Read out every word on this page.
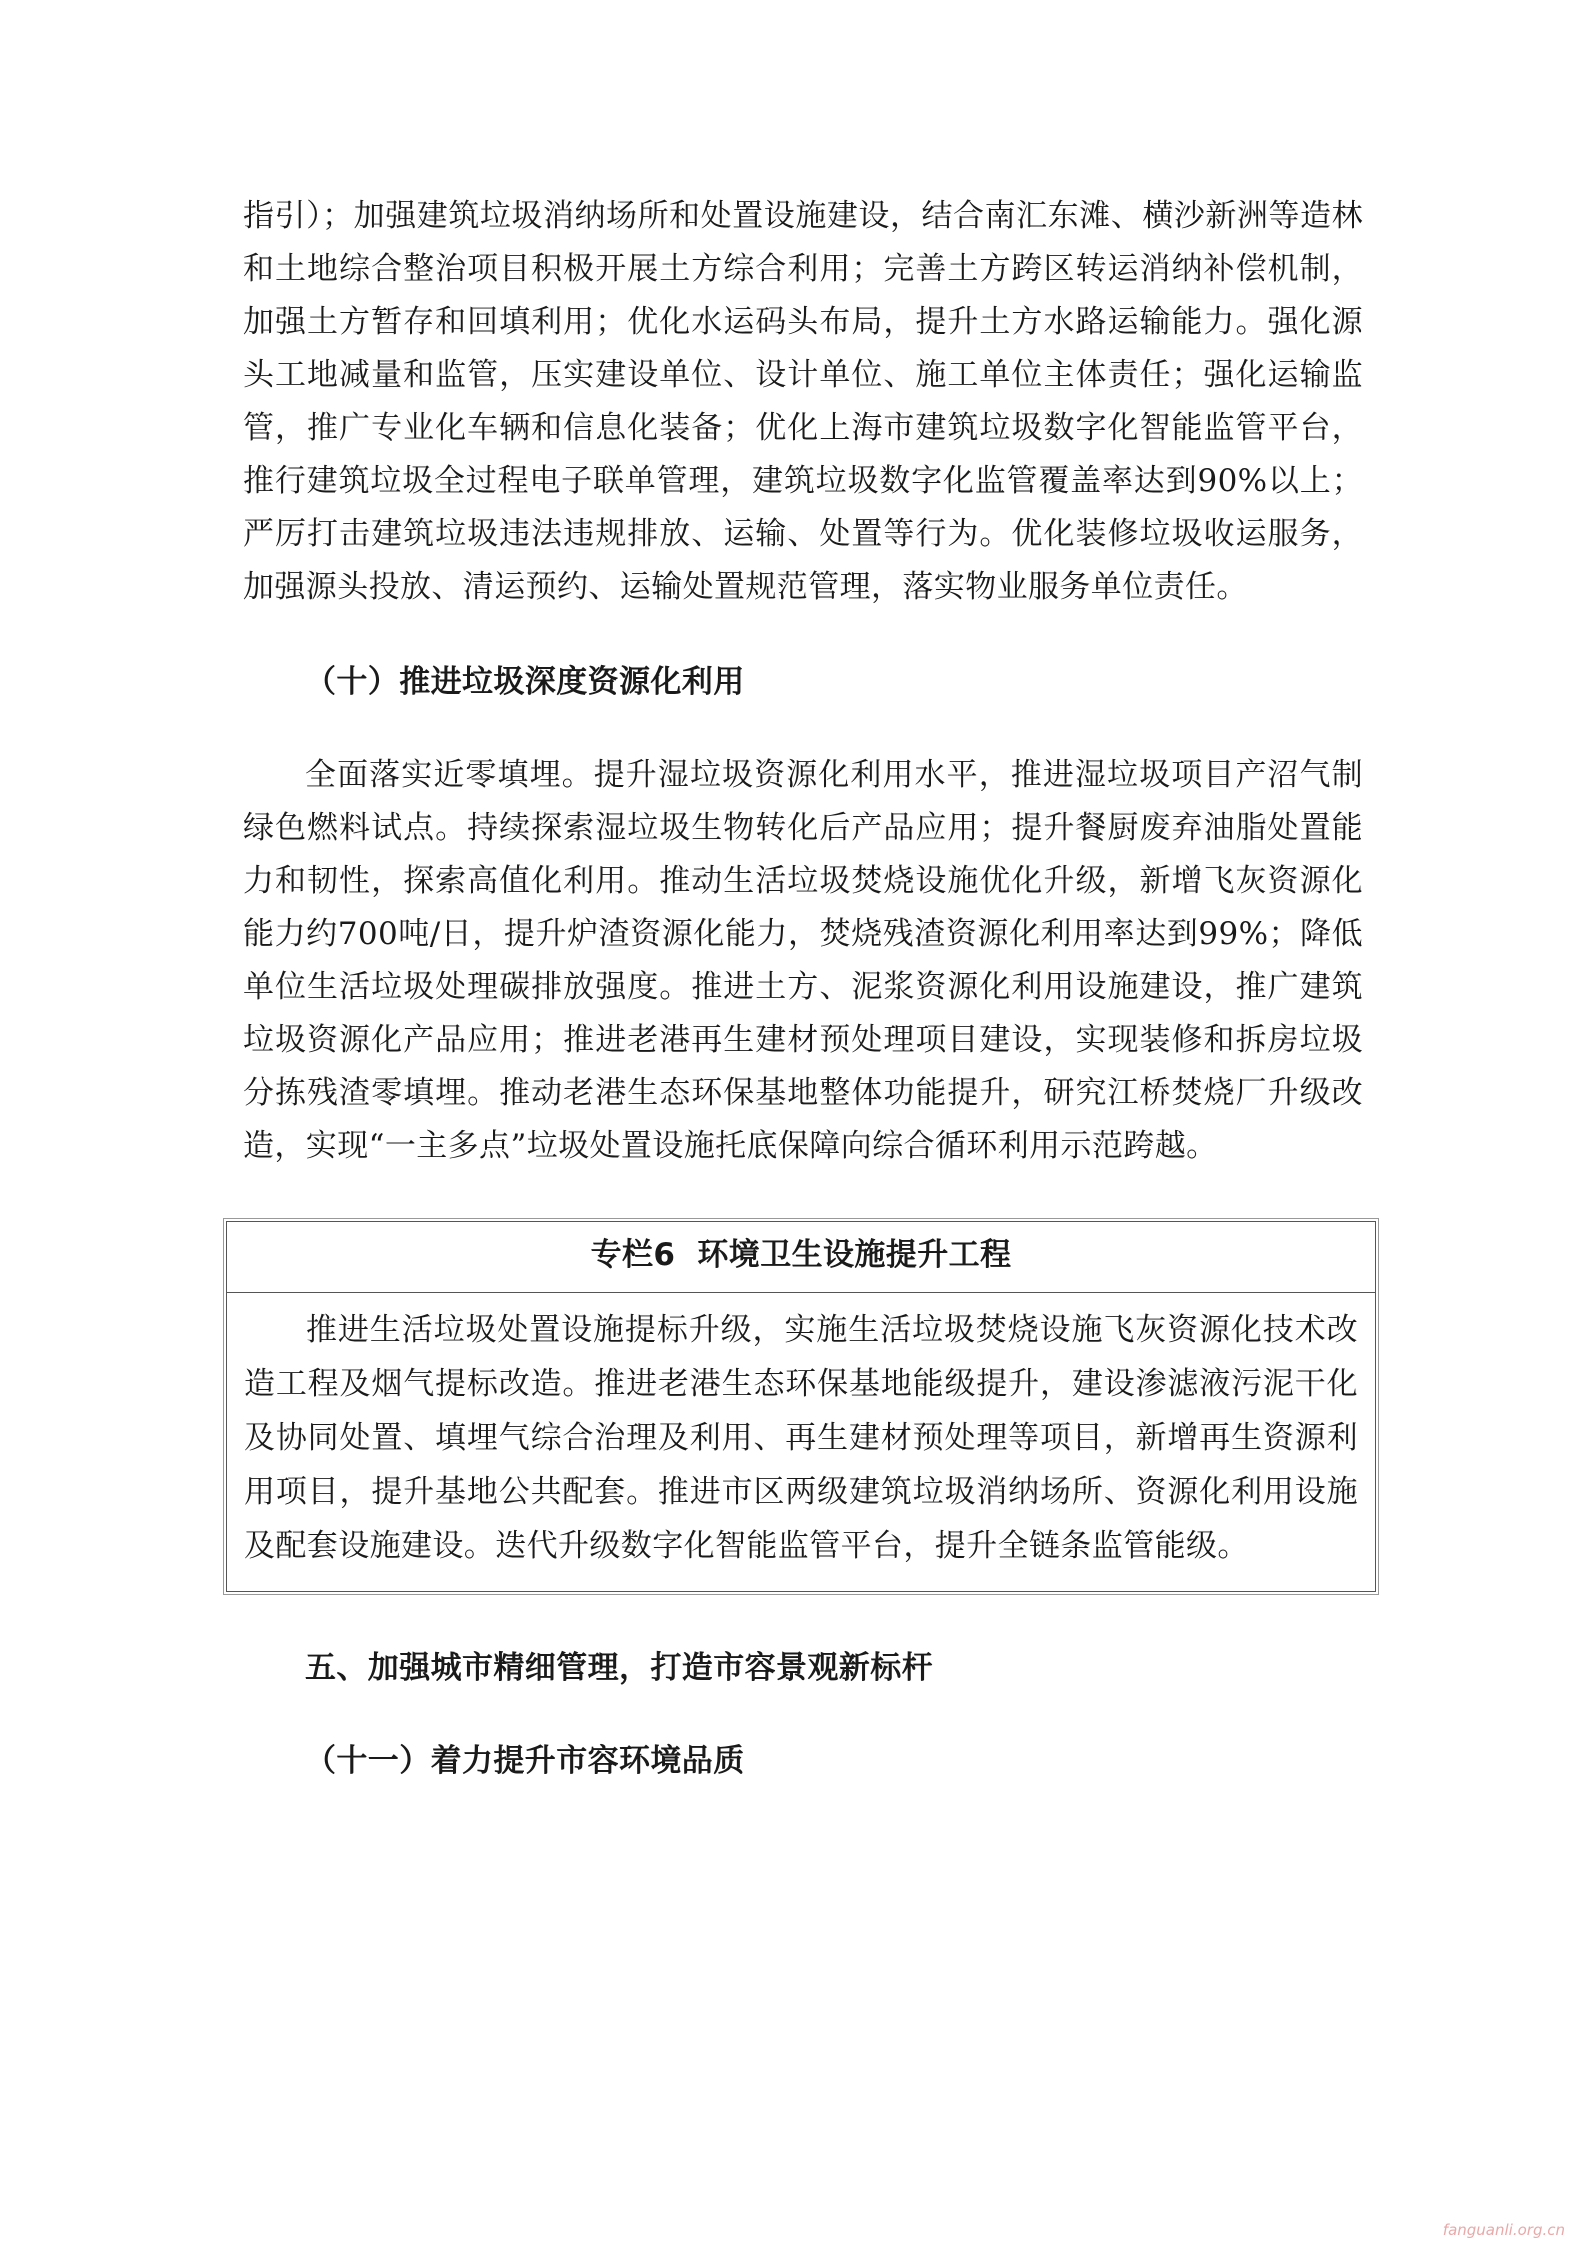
指引）；加强建筑垃圾消纳场所和处置设施建设，结合南汇东滩、横沙新洲等造林和土地综合整治项目积极开展土方综合利用；完善土方跨区转运消纳补偿机制，加强土方暂存和回填利用；优化水运码头布局，提升土方水路运输能力。强化源头工地减量和监管，压实建设单位、设计单位、施工单位主体责任；强化运输监管，推广专业化车辆和信息化装备；优化上海市建筑垃圾数字化智能监管平台，推行建筑垃圾全过程电子联单管理，建筑垃圾数字化监管覆盖率达到90%以上；严厉打击建筑垃圾违法违规排放、运输、处置等行为。优化装修垃圾收运服务，加强源头投放、清运预约、运输处置规范管理，落实物业服务单位责任。

（十）推进垃圾深度资源化利用

全面落实近零填埋。提升湿垃圾资源化利用水平，推进湿垃圾项目产沼气制绿色燃料试点。持续探索湿垃圾生物转化后产品应用；提升餐厨废弃油脂处置能力和韧性，探索高值化利用。推动生活垃圾焚烧设施优化升级，新增飞灰资源化能力约700吨/日，提升炉渣资源化能力，焚烧残渣资源化利用率达到99%；降低单位生活垃圾处理碳排放强度。推进土方、泥浆资源化利用设施建设，推广建筑垃圾资源化产品应用；推进老港再生建材预处理项目建设，实现装修和拆房垃圾分拣残渣零填埋。推动老港生态环保基地整体功能提升，研究江桥焚烧厂升级改造，实现“一主多点”垃圾处置设施托底保障向综合循环利用示范跨越。

专栏6 环境卫生设施提升工程

推进生活垃圾处置设施提标升级，实施生活垃圾焚烧设施飞灰资源化技术改造工程及烟气提标改造。推进老港生态环保基地能级提升，建设渗滤液污泥干化及协同处置、填埋气综合治理及利用、再生建材预处理等项目，新增再生资源利用项目，提升基地公共配套。推进市区两级建筑垃圾消纳场所、资源化利用设施及配套设施建设。迭代升级数字化智能监管平台，提升全链条监管能级。

五、加强城市精细管理，打造市容景观新标杆

（十一）着力提升市容环境品质

fanguanli.org.cn
